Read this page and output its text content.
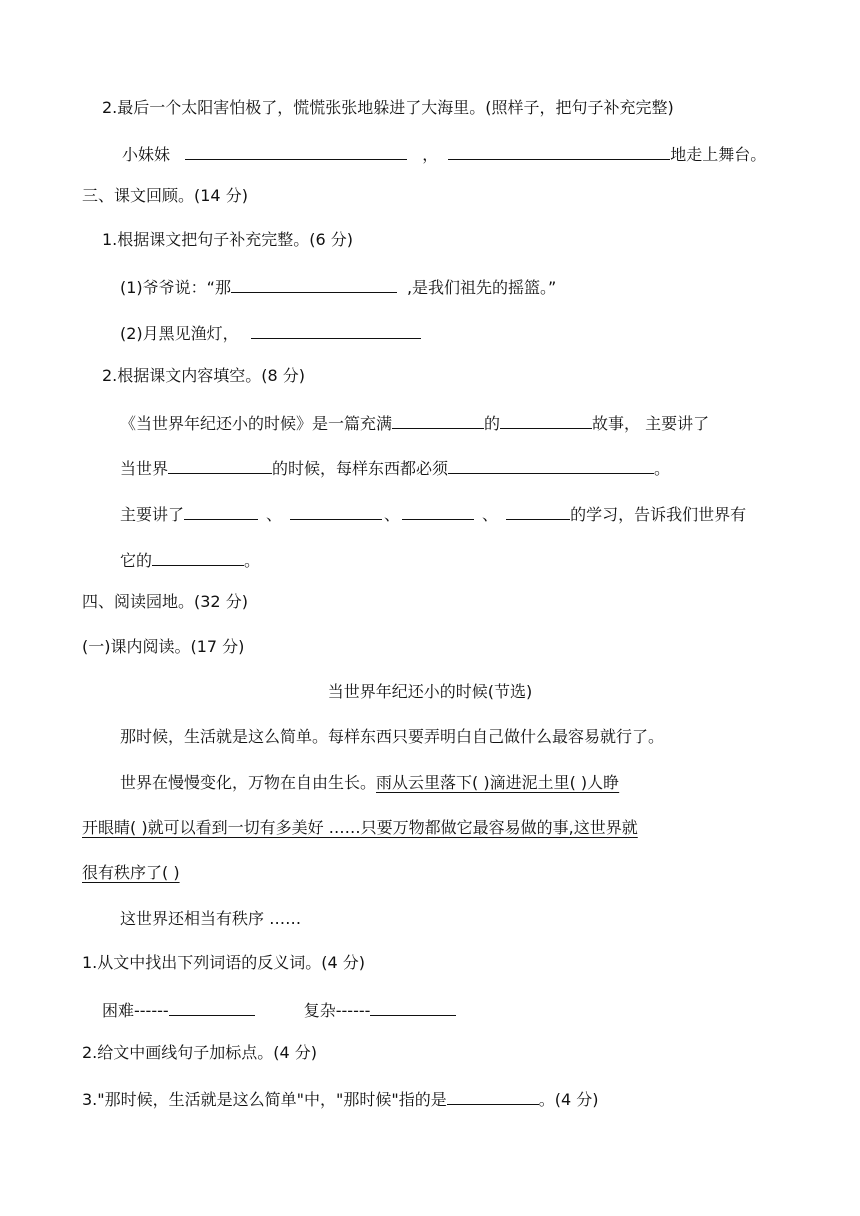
2.最后一个太阳害怕极了，慌慌张张地躲进了大海里。(照样子，把句子补充完整)
小妹妹	，	地走上舞台。
三、课文回顾。(14 分)
1.根据课文把句子补充完整。(6 分)
(1)爷爷说：“那	,是我们祖先的摇篮。”
(2)月黑见渔灯，
2.根据课文内容填空。(8 分)
《当世界年纪还小的时候》是一篇充满	的	故事， 主要讲了
当世界	的时候，每样东西都必须	。
主要讲了	、	、	、	的学习，告诉我们世界有
它的	。
四、阅读园地。(32 分)
(一)课内阅读。(17 分)
当世界年纪还小的时候(节选)
那时候，生活就是这么简单。每样东西只要弄明白自己做什么最容易就行了。
世界在慢慢变化，万物在自由生长。雨从云里落下( )滴进泥土里( )人睁
开眼睛( )就可以看到一切有多美好 ……只要万物都做它最容易做的事,这世界就
很有秩序了( )
这世界还相当有秩序 ……
1.从文中找出下列词语的反义词。(4 分)
困难------	复杂------
2.给文中画线句子加标点。(4 分)
3."那时候，生活就是这么简单"中，"那时候"指的是	。(4 分)
